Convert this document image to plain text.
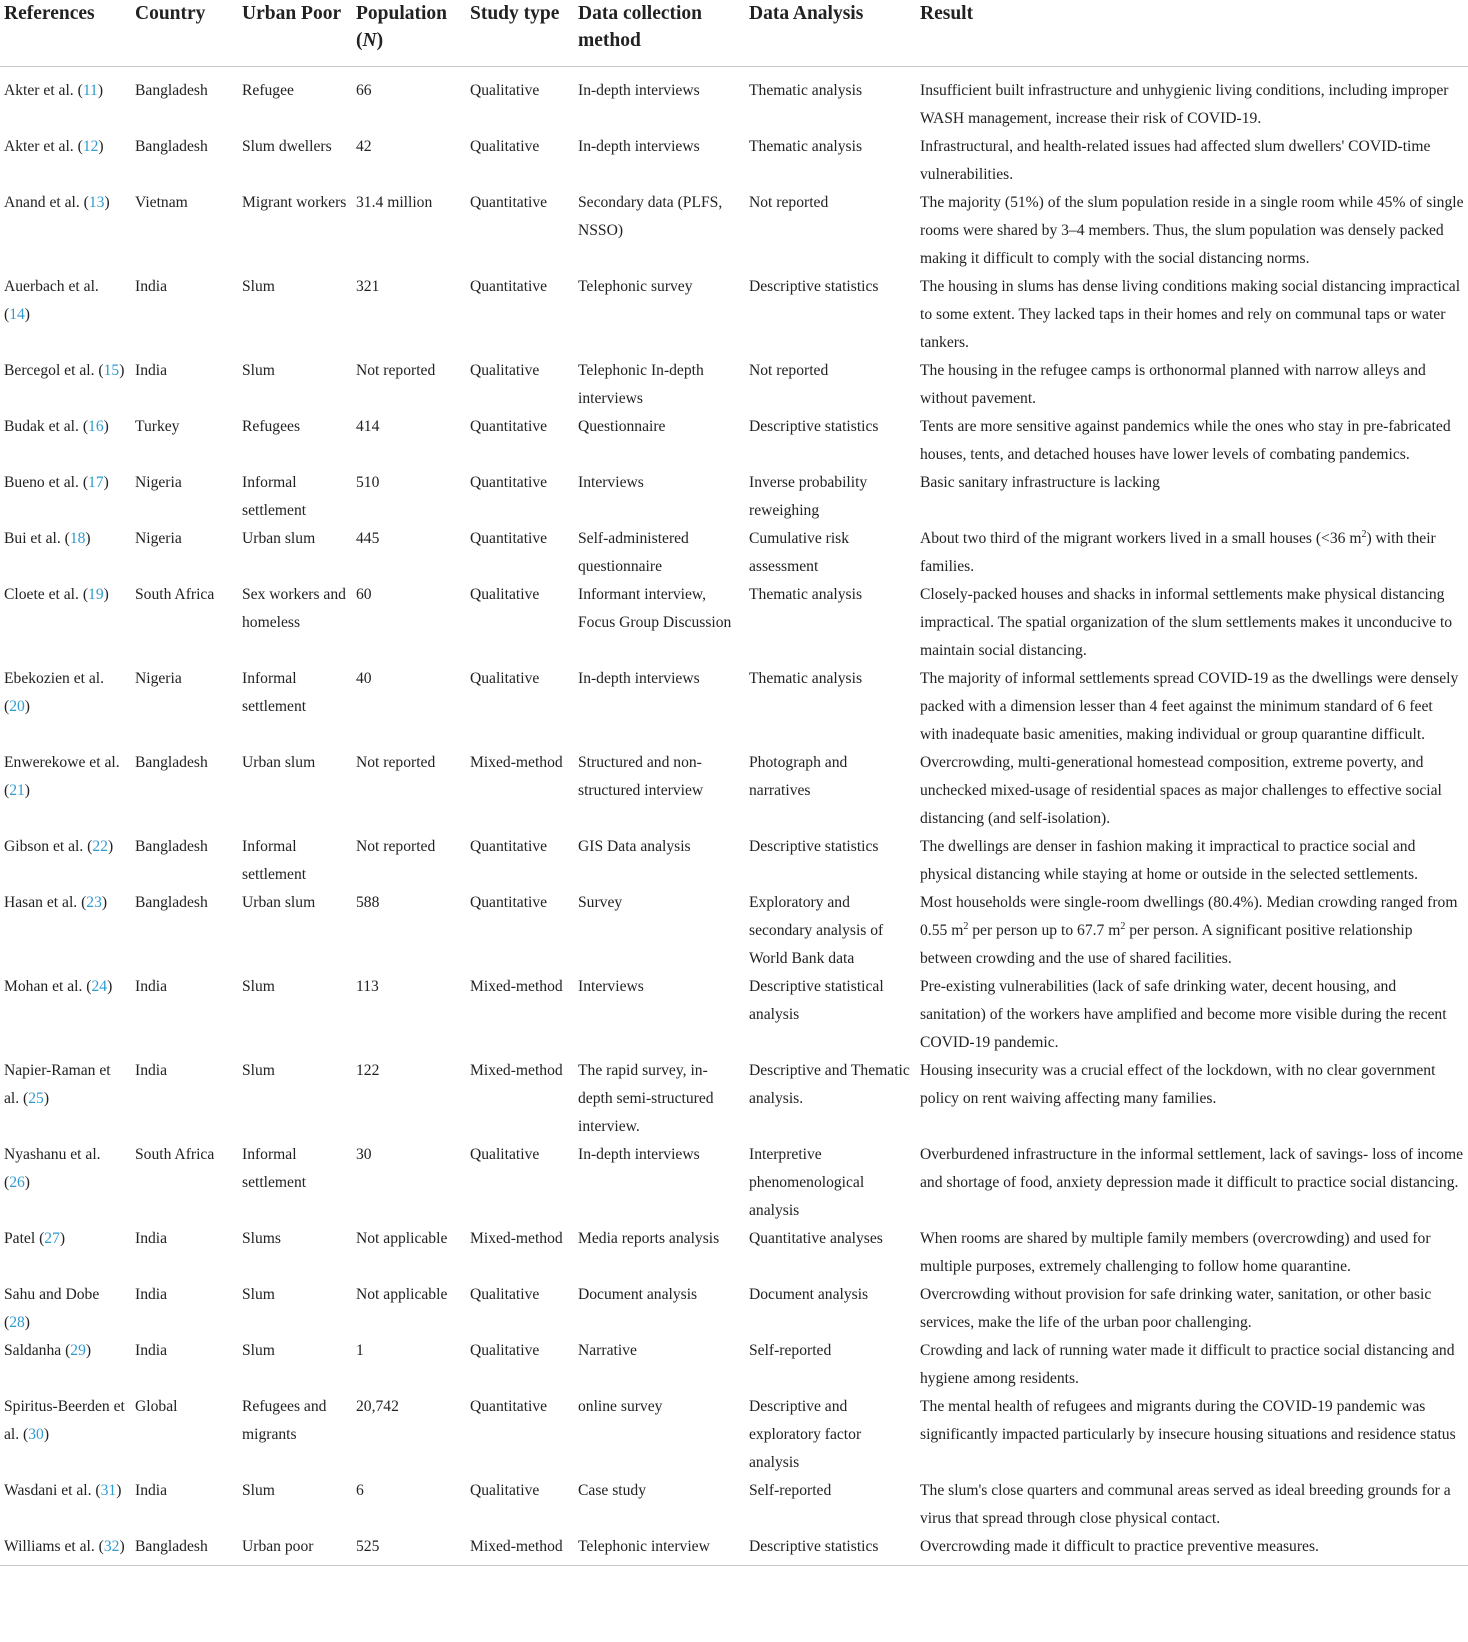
References	Country	Urban Poor	Population (N)	Study type	Data collection method	Data Analysis	Result
Akter et al. (11)	Bangladesh	Refugee	66	Qualitative	In-depth interviews	Thematic analysis	Insufficient built infrastructure and unhygienic living conditions, including improper WASH management, increase their risk of COVID-19.
Akter et al. (12)	Bangladesh	Slum dwellers	42	Qualitative	In-depth interviews	Thematic analysis	Infrastructural, and health-related issues had affected slum dwellers' COVID-time vulnerabilities.
Anand et al. (13)	Vietnam	Migrant workers	31.4 million	Quantitative	Secondary data (PLFS, NSSO)	Not reported	The majority (51%) of the slum population reside in a single room while 45% of single rooms were shared by 3–4 members. Thus, the slum population was densely packed making it difficult to comply with the social distancing norms.
Auerbach et al. (14)	India	Slum	321	Quantitative	Telephonic survey	Descriptive statistics	The housing in slums has dense living conditions making social distancing impractical to some extent. They lacked taps in their homes and rely on communal taps or water tankers.
Bercegol et al. (15)	India	Slum	Not reported	Qualitative	Telephonic In-depth interviews	Not reported	The housing in the refugee camps is orthonormal planned with narrow alleys and without pavement.
Budak et al. (16)	Turkey	Refugees	414	Quantitative	Questionnaire	Descriptive statistics	Tents are more sensitive against pandemics while the ones who stay in pre-fabricated houses, tents, and detached houses have lower levels of combating pandemics.
Bueno et al. (17)	Nigeria	Informal settlement	510	Quantitative	Interviews	Inverse probability reweighing	Basic sanitary infrastructure is lacking
Bui et al. (18)	Nigeria	Urban slum	445	Quantitative	Self-administered questionnaire	Cumulative risk assessment	About two third of the migrant workers lived in a small houses (<36 $m^2$) with their families.
Cloete et al. (19)	South Africa	Sex workers and homeless	60	Qualitative	Informant interview, Focus Group Discussion	Thematic analysis	Closely-packed houses and shacks in informal settlements make physical distancing impractical. The spatial organization of the slum settlements makes it unconducive to maintain social distancing.
Ebekozien et al. (20)	Nigeria	Informal settlement	40	Qualitative	In-depth interviews	Thematic analysis	The majority of informal settlements spread COVID-19 as the dwellings were densely packed with a dimension lesser than 4 feet against the minimum standard of 6 feet with inadequate basic amenities, making individual or group quarantine difficult.
Enwerekowe et al. (21)	Bangladesh	Urban slum	Not reported	Mixed-method	Structured and non-structured interview	Photograph and narratives	Overcrowding, multi-generational homestead composition, extreme poverty, and unchecked mixed-usage of residential spaces as major challenges to effective social distancing (and self-isolation).
Gibson et al. (22)	Bangladesh	Informal settlement	Not reported	Quantitative	GIS Data analysis	Descriptive statistics	The dwellings are denser in fashion making it impractical to practice social and physical distancing while staying at home or outside in the selected settlements.
Hasan et al. (23)	Bangladesh	Urban slum	588	Quantitative	Survey	Exploratory and secondary analysis of World Bank data	Most households were single-room dwellings (80.4%). Median crowding ranged from 0.55 $m^2$ per person up to 67.7 $m^2$ per person. A significant positive relationship between crowding and the use of shared facilities.
Mohan et al. (24)	India	Slum	113	Mixed-method	Interviews	Descriptive statistical analysis	Pre-existing vulnerabilities (lack of safe drinking water, decent housing, and sanitation) of the workers have amplified and become more visible during the recent COVID-19 pandemic.
Napier-Raman et al. (25)	India	Slum	122	Mixed-method	The rapid survey, in-depth semi-structured interview.	Descriptive and Thematic analysis.	Housing insecurity was a crucial effect of the lockdown, with no clear government policy on rent waiving affecting many families.
Nyashanu et al. (26)	South Africa	Informal settlement	30	Qualitative	In-depth interviews	Interpretive phenomenological analysis	Overburdened infrastructure in the informal settlement, lack of savings- loss of income and shortage of food, anxiety depression made it difficult to practice social distancing.
Patel (27)	India	Slums	Not applicable	Mixed-method	Media reports analysis	Quantitative analyses	When rooms are shared by multiple family members (overcrowding) and used for multiple purposes, extremely challenging to follow home quarantine.
Sahu and Dobe (28)	India	Slum	Not applicable	Qualitative	Document analysis	Document analysis	Overcrowding without provision for safe drinking water, sanitation, or other basic services, make the life of the urban poor challenging.
Saldanha (29)	India	Slum	1	Qualitative	Narrative	Self-reported	Crowding and lack of running water made it difficult to practice social distancing and hygiene among residents.
Spiritus-Beerden et al. (30)	Global	Refugees and migrants	20,742	Quantitative	online survey	Descriptive and exploratory factor analysis	The mental health of refugees and migrants during the COVID-19 pandemic was significantly impacted particularly by insecure housing situations and residence status
Wasdani et al. (31)	India	Slum	6	Qualitative	Case study	Self-reported	The slum's close quarters and communal areas served as ideal breeding grounds for a virus that spread through close physical contact.
Williams et al. (32)	Bangladesh	Urban poor	525	Mixed-method	Telephonic interview	Descriptive statistics	Overcrowding made it difficult to practice preventive measures.
